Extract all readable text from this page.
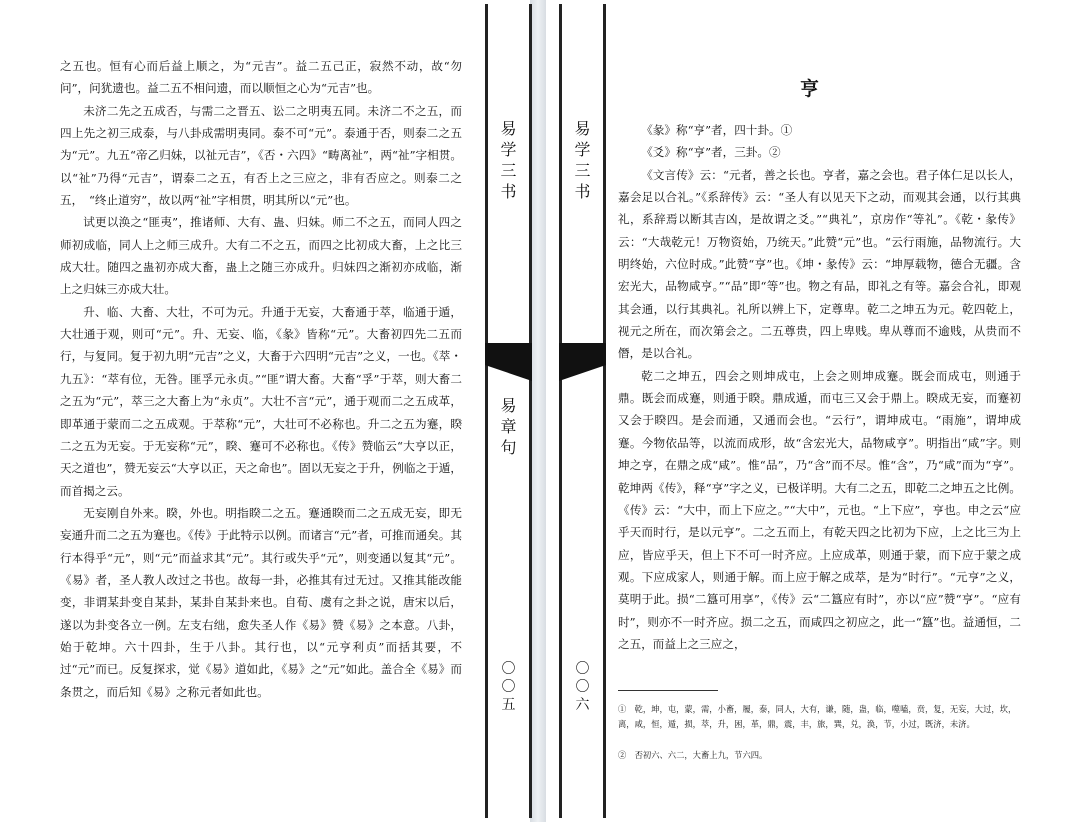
之五也。恒有心而后益上顺之，为“元吉”。益二五己正，寂然不动，故“勿问”，问犹遗也。益二五不相问遗，而以顺恒之心为“元吉”也。

未济二先之五成否，与需二之晋五、讼二之明夷五同。未济二不之五，而四上先之初三成泰，与八卦成需明夷同。泰不可“元”。泰通于否，则泰二之五为“元”。九五“帝乙归妹，以祉元吉”，《否・六四》“畴离祉”，两“祉”字相贯。以“祉”乃得“元吉”，谓泰二之五，有否上之三应之，非有否应之。则泰二之五，　“终止道穷”，故以两“祉”字相贯，明其所以“元”也。

试更以涣之“匪夷”，推诸师、大有、蛊、归妹。师二不之五，而同人四之师初成临，同人上之师三成升。大有二不之五，而四之比初成大畜，上之比三成大壮。随四之蛊初亦成大畜，蛊上之随三亦成升。归妹四之渐初亦成临，渐上之归妹三亦成大壮。

升、临、大畜、大壮，不可为元。升通于无妄，大畜通于萃，临通于遁，大壮通于观，则可“元”。升、无妄、临，《彖》皆称“元”。大畜初四先二五而行，与复同。复于初九明“元吉”之义，大畜于六四明“元吉”之义，一也。《萃・九五》：“萃有位，无咎。匪孚元永贞。”“匪”谓大畜。大畜“孚”于萃，则大畜二之五为“元”，萃三之大畜上为“永贞”。大壮不言“元”，通于观而二之五成革，即革通于蒙而二之五成观。于萃称“元”，大壮可不必称也。升二之五为蹇，睽二之五为无妄。于无妄称“元”，睽、蹇可不必称也。《传》赞临云“大亨以正，天之道也”，赞无妄云“大亨以正，天之命也”。固以无妄之于升，例临之于遁，而首揭之云。

无妄刚自外来。睽，外也。明指睽二之五。蹇通睽而二之五成无妄，即无妄通升而二之五为蹇也。《传》于此特示以例。而诸言“元”者，可推而通矣。其行本得乎“元”，则“元”而益求其“元”。其行或失乎“元”，则变通以复其“元”。《易》者，圣人教人改过之书也。故每一卦，必推其有过无过。又推其能改能变，非谓某卦变自某卦，某卦自某卦来也。自荀、虞有之卦之说，唐宋以后，遂以为卦变各立一例。左支右绌，愈失圣人作《易》赞《易》之本意。八卦，始于乾坤。六十四卦，生于八卦。其行也，以“元亨利贞”而括其要，不过“元”而已。反复探求，觉《易》道如此，《易》之“元”如此。盖合全《易》而条贯之，而后知《易》之称元者如此也。

易学三书
易章句
〇〇五
易学三书
〇〇六
亨

《彖》称“亨”者，四十卦。①

《爻》称“亨”者，三卦。②

《文言传》云：“元者，善之长也。亨者，嘉之会也。君子体仁足以长人，嘉会足以合礼。”《系辞传》云：“圣人有以见天下之动，而观其会通，以行其典礼，系辞焉以断其吉凶，是故谓之爻。”“典礼”，京房作“等礼”。《乾・彖传》云：“大哉乾元！万物资始，乃统天。”此赞“元”也。“云行雨施，品物流行。大明终始，六位时成。”此赞“亨”也。《坤・彖传》云：“坤厚载物，德合无疆。含宏光大，品物咸亨。”“品”即“等”也。物之有品，即礼之有等。嘉会合礼，即观其会通，以行其典礼。礼所以辨上下，定尊卑。乾二之坤五为元。乾四乾上，视元之所在，而次第会之。二五尊贵，四上卑贱。卑从尊而不逾贱，从贵而不僭，是以合礼。

乾二之坤五，四会之则坤成屯，上会之则坤成蹇。既会而成屯，则通于鼎。既会而成蹇，则通于睽。鼎成遁，而屯三又会于鼎上。睽成无妄，而蹇初又会于睽四。是会而通，又通而会也。“云行”，谓坤成屯。“雨施”，谓坤成蹇。今物依品等，以流而成形，故“含宏光大，品物咸亨”。明指出“咸”字。则坤之亨，在鼎之成“咸”。惟“品”，乃“含”而不尽。惟“含”，乃“咸”而为“亨”。乾坤两《传》，释“亨”字之义，已极详明。大有二之五，即乾二之坤五之比例。《传》云：“大中，而上下应之。”“大中”，元也。“上下应”，亨也。申之云“应乎天而时行，是以元亨”。二之五而上，有乾天四之比初为下应，上之比三为上应，皆应乎天，但上下不可一时齐应。上应成革，则通于蒙，而下应于蒙之成观。下应成家人，则通于解。而上应于解之成萃，是为“时行”。“元亨”之义，莫明于此。损“二簋可用享”，《传》云“二簋应有时”，亦以“应”赞“亨”。“应有时”，则亦不一时齐应。损二之五，而咸四之初应之，此一“簋”也。益通恒，二之五，而益上之三应之，

①　乾，坤，屯，蒙，需，小畜，履，泰，同人，大有，谦，随，蛊，临，噬嗑，贲，复，无妄，大过，坎，离，咸，恒，遁，损，萃，升，困，革，鼎，震，丰，旅，巽，兑，涣，节，小过，既济，未济。

②　否初六、六二，大畜上九，节六四。
